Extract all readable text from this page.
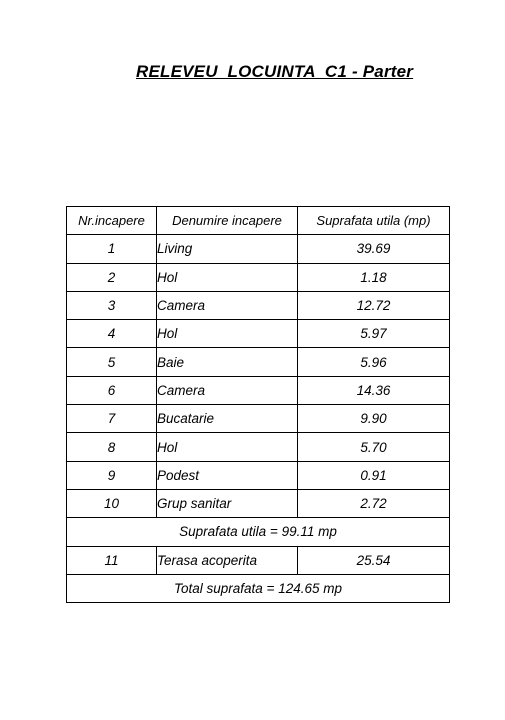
RELEVEU  LOCUINTA  C1 - Parter
Nr.incapere	Denumire incapere	Suprafata utila (mp)
1	Living	39.69
2	Hol	1.18
3	Camera	12.72
4	Hol	5.97
5	Baie	5.96
6	Camera	14.36
7	Bucatarie	9.90
8	Hol	5.70
9	Podest	0.91
10	Grup sanitar	2.72
Suprafata utila = 99.11 mp		
11	Terasa acoperita	25.54
Total suprafata = 124.65 mp		
